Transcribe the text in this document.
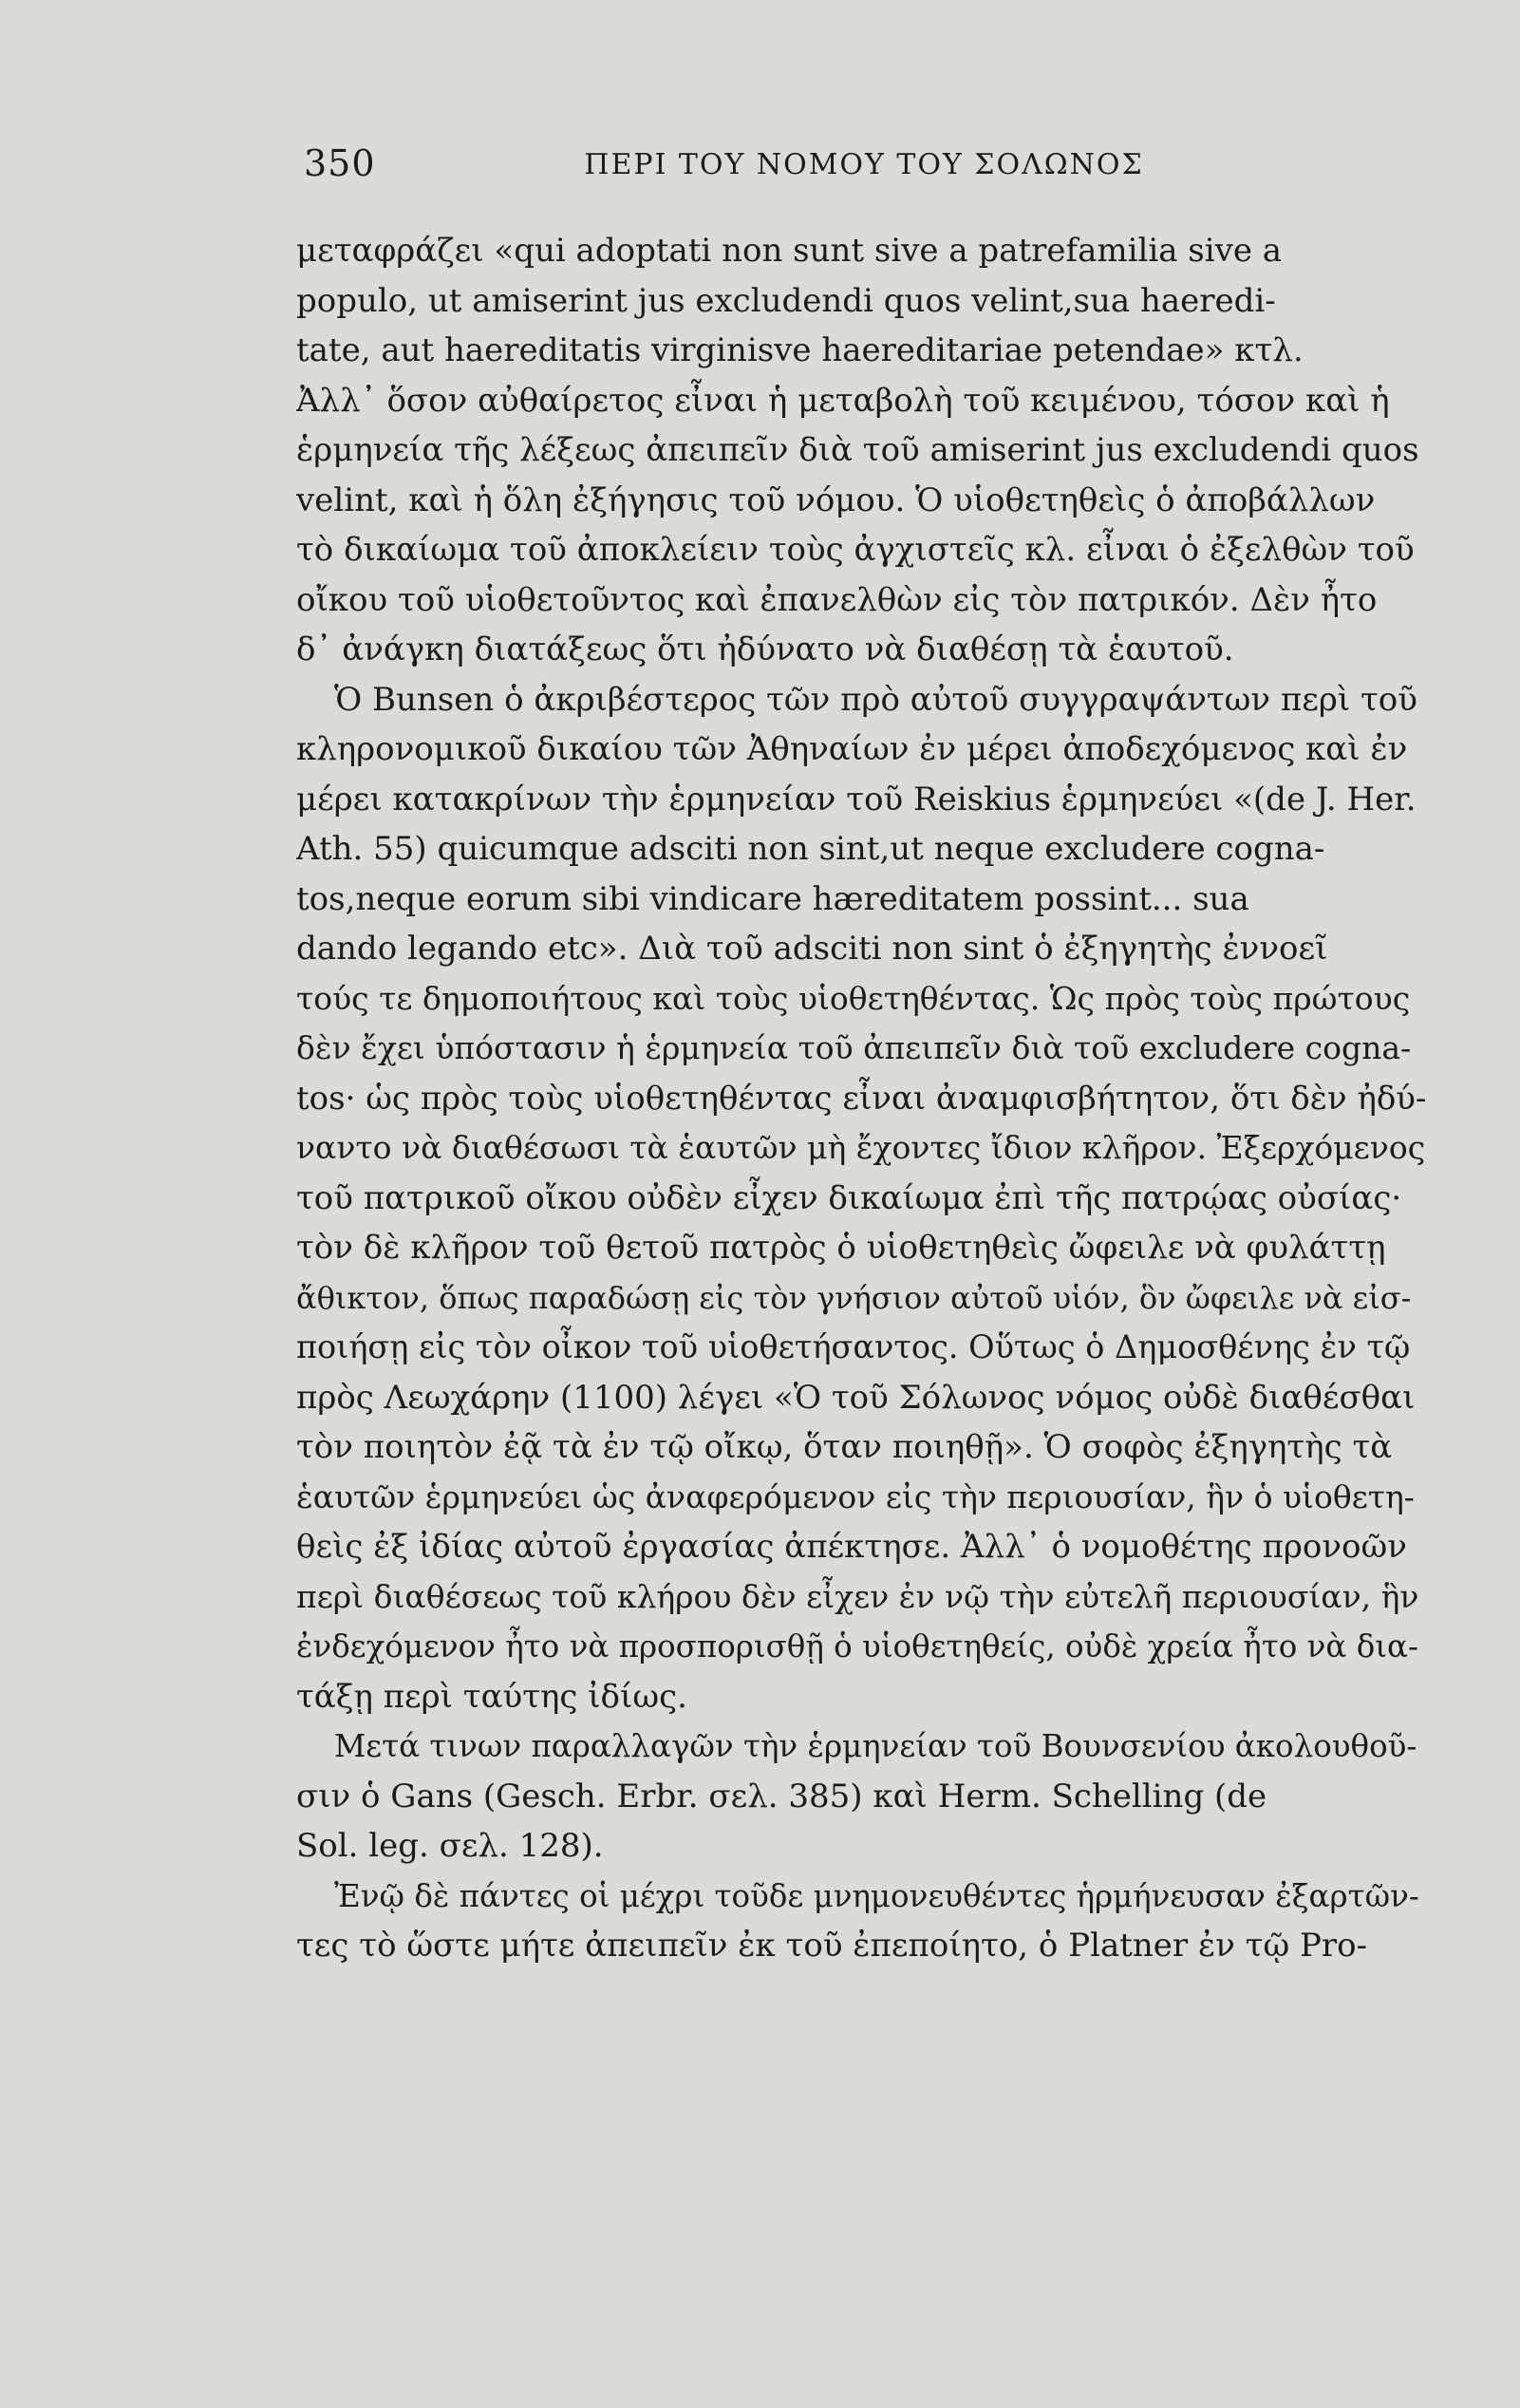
350	ΠΕΡΙ ΤΟΥ ΝΟΜΟΥ ΤΟΥ ΣΟΛΩΝΟΣ

μεταφράζει «qui adoptati non sunt sive a patrefamilia sive a
populo, ut amiserint jus excludendi quos velint,sua haeredi-
tate, aut haereditatis virginisve haereditariae petendae» κτλ.
Ἀλλ᾿ ὅσον αὐθαίρετος εἶναι ἡ μεταβολὴ τοῦ κειμένου, τόσον καὶ ἡ
ἑρμηνεία τῆς λέξεως ἀπειπεῖν διὰ τοῦ amiserint jus excludendi quos
velint, καὶ ἡ ὅλη ἐξήγησις τοῦ νόμου. Ὁ υἱοθετηθεὶς ὁ ἀποβάλλων
τὸ δικαίωμα τοῦ ἀποκλείειν τοὺς ἀγχιστεῖς κλ. εἶναι ὁ ἐξελθὼν τοῦ
οἴκου τοῦ υἱοθετοῦντος καὶ ἐπανελθὼν εἰς τὸν πατρικόν. Δὲν ἦτο
δ᾿ ἀνάγκη διατάξεως ὅτι ἠδύνατο νὰ διαθέσῃ τὰ ἑαυτοῦ.

Ὁ Bunsen ὁ ἀκριβέστερος τῶν πρὸ αὐτοῦ συγγραψάντων περὶ τοῦ
κληρονομικοῦ δικαίου τῶν Ἀθηναίων ἐν μέρει ἀποδεχόμενος καὶ ἐν
μέρει κατακρίνων τὴν ἑρμηνείαν τοῦ Reiskius ἑρμηνεύει «(de J. Her.
Ath. 55) quicumque adsciti non sint,ut neque excludere cogna-
tos,neque eorum sibi vindicare hæreditatem possint... sua
dando legando etc». Διὰ τοῦ adsciti non sint ὁ ἐξηγητὴς ἐννοεῖ
τούς τε δημοποιήτους καὶ τοὺς υἱοθετηθέντας. Ὡς πρὸς τοὺς πρώτους
δὲν ἔχει ὑπόστασιν ἡ ἑρμηνεία τοῦ ἀπειπεῖν διὰ τοῦ excludere cogna-
tos· ὡς πρὸς τοὺς υἱοθετηθέντας εἶναι ἀναμφισβήτητον, ὅτι δὲν ἠδύ-
ναντο νὰ διαθέσωσι τὰ ἑαυτῶν μὴ ἔχοντες ἴδιον κλῆρον. Ἐξερχόμενος
τοῦ πατρικοῦ οἴκου οὐδὲν εἶχεν δικαίωμα ἐπὶ τῆς πατρῴας οὐσίας·
τὸν δὲ κλῆρον τοῦ θετοῦ πατρὸς ὁ υἱοθετηθεὶς ὤφειλε νὰ φυλάττῃ
ἄθικτον, ὅπως παραδώσῃ εἰς τὸν γνήσιον αὐτοῦ υἱόν, ὃν ὤφειλε νὰ εἰσ-
ποιήσῃ εἰς τὸν οἶκον τοῦ υἱοθετήσαντος. Οὕτως ὁ Δημοσθένης ἐν τῷ
πρὸς Λεωχάρην (1100) λέγει «Ὁ τοῦ Σόλωνος νόμος οὐδὲ διαθέσθαι
τὸν ποιητὸν ἐᾷ τὰ ἐν τῷ οἴκῳ, ὅταν ποιηθῇ». Ὁ σοφὸς ἐξηγητὴς τὰ
ἑαυτῶν ἑρμηνεύει ὡς ἀναφερόμενον εἰς τὴν περιουσίαν, ἣν ὁ υἱοθετη-
θεὶς ἐξ ἰδίας αὐτοῦ ἐργασίας ἀπέκτησε. Ἀλλ᾿ ὁ νομοθέτης προνοῶν
περὶ διαθέσεως τοῦ κλήρου δὲν εἶχεν ἐν νῷ τὴν εὐτελῆ περιουσίαν, ἣν
ἐνδεχόμενον ἦτο νὰ προσπορισθῇ ὁ υἱοθετηθείς, οὐδὲ χρεία ἦτο νὰ δια-
τάξῃ περὶ ταύτης ἰδίως.

Μετά τινων παραλλαγῶν τὴν ἑρμηνείαν τοῦ Βουνσενίου ἀκολουθοῦ-
σιν ὁ Gans (Gesch. Erbr. σελ. 385) καὶ Herm. Schelling (de
Sol. leg. σελ. 128).

Ἐνῷ δὲ πάντες οἱ μέχρι τοῦδε μνημονευθέντες ἡρμήνευσαν ἐξαρτῶν-
τες τὸ ὥστε μήτε ἀπειπεῖν ἐκ τοῦ ἐπεποίητο, ὁ Platner ἐν τῷ Pro-
